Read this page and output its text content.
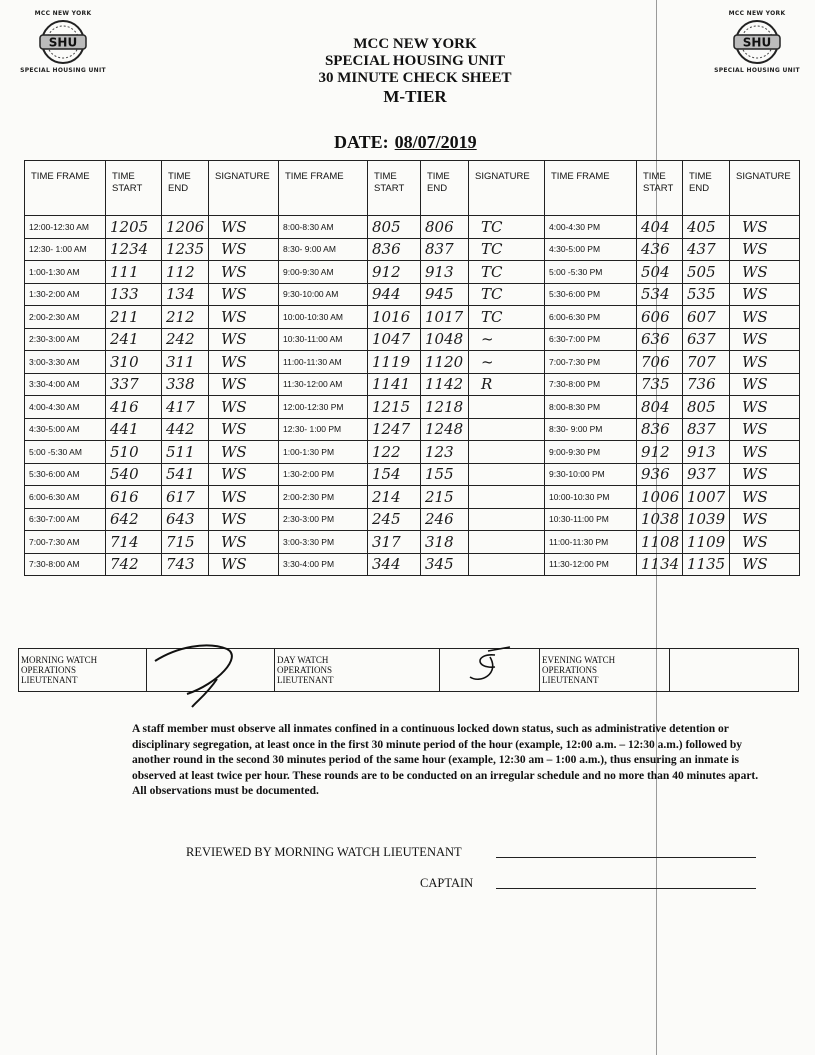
MCC NEW YORK
SHU
SPECIAL HOUSING UNIT
MCC NEW YORK
SHU
SPECIAL HOUSING UNIT
MCC NEW YORK
SPECIAL HOUSING UNIT
30 MINUTE CHECK SHEET
M-TIER
DATE: 08/07/2019
TIME FRAME	TIME START	TIME END	SIGNATURE	TIME FRAME	TIME START	TIME END	SIGNATURE	TIME FRAME	TIME START	TIME END	SIGNATURE
12:00-12:30 AM	1205	1206	WS	8:00-8:30 AM	805	806	TC	4:00-4:30 PM	404	405	WS
12:30- 1:00 AM	1234	1235	WS	8:30- 9:00 AM	836	837	TC	4:30-5:00 PM	436	437	WS
1:00-1:30 AM	111	112	WS	9:00-9:30 AM	912	913	TC	5:00 -5:30 PM	504	505	WS
1:30-2:00 AM	133	134	WS	9:30-10:00 AM	944	945	TC	5:30-6:00 PM	534	535	WS
2:00-2:30 AM	211	212	WS	10:00-10:30 AM	1016	1017	TC	6:00-6:30 PM	606	607	WS
2:30-3:00 AM	241	242	WS	10:30-11:00 AM	1047	1048	~	6:30-7:00 PM	636	637	WS
3:00-3:30 AM	310	311	WS	11:00-11:30 AM	1119	1120	~	7:00-7:30 PM	706	707	WS
3:30-4:00 AM	337	338	WS	11:30-12:00 AM	1141	1142	R	7:30-8:00 PM	735	736	WS
4:00-4:30 AM	416	417	WS	12:00-12:30 PM	1215	1218		8:00-8:30 PM	804	805	WS
4:30-5:00 AM	441	442	WS	12:30- 1:00 PM	1247	1248		8:30- 9:00 PM	836	837	WS
5:00 -5:30 AM	510	511	WS	1:00-1:30 PM	122	123		9:00-9:30 PM	912	913	WS
5:30-6:00 AM	540	541	WS	1:30-2:00 PM	154	155		9:30-10:00 PM	936	937	WS
6:00-6:30 AM	616	617	WS	2:00-2:30 PM	214	215		10:00-10:30 PM	1006	1007	WS
6:30-7:00 AM	642	643	WS	2:30-3:00 PM	245	246		10:30-11:00 PM	1038	1039	WS
7:00-7:30 AM	714	715	WS	3:00-3:30 PM	317	318		11:00-11:30 PM	1108	1109	WS
7:30-8:00 AM	742	743	WS	3:30-4:00 PM	344	345		11:30-12:00 PM	1134	1135	WS
MORNING WATCH
OPERATIONS
LIEUTENANT

DAY WATCH
OPERATIONS
LIEUTENANT

EVENING WATCH
OPERATIONS
LIEUTENANT

A staff member must observe all inmates confined in a continuous locked down status, such as administrative detention or disciplinary segregation, at least once in the first 30 minute period of the hour (example, 12:00 a.m. – 12:30 a.m.) followed by another round in the second 30 minutes period of the same hour (example, 12:30 am – 1:00 a.m.), thus ensuring an inmate is observed at least twice per hour. These rounds are to be conducted on an irregular schedule and no more than 40 minutes apart. All observations must be documented.
REVIEWED BY MORNING WATCH LIEUTENANT
CAPTAIN
